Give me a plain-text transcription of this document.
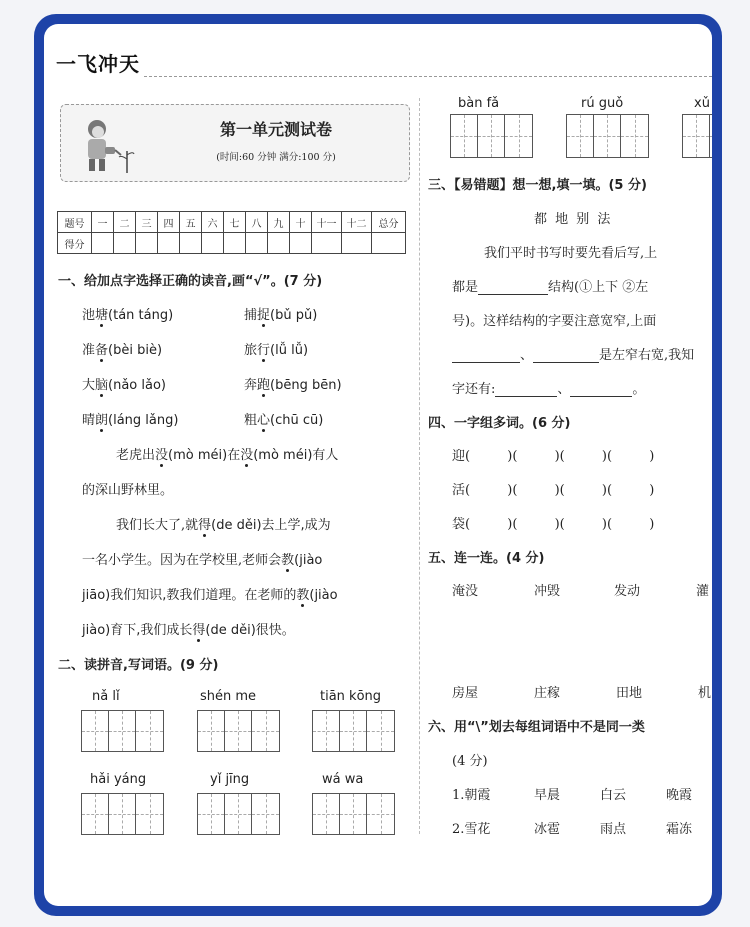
一飞冲天
第一单元测试卷
(时间:60 分钟 满分:100 分)
题号	一	二	三	四	五	六	七	八	九	十	十一	十二	总分
得分													
一、给加点字选择正确的读音,画“√”。(7 分)
池塘(tán táng)	捕捉(bǔ pǔ)
准备(bèi biè)	旅行(lǚ lǚ)
大脑(nǎo lǎo)	奔跑(bēng bēn)
晴朗(láng lǎng)	粗心(chū cū)
老虎出没(mò méi)在没(mò méi)有人
的深山野林里。
我们长大了,就得(de děi)去上学,成为
一名小学生。因为在学校里,老师会教(jiào
jiāo)我们知识,教我们道理。在老师的教(jiào
jiào)育下,我们成长得(de děi)很快。
二、读拼音,写词语。(9 分)
nǎ lǐ	shén me	tiān kōng
hǎi yáng	yǐ jīng	wá wa
bàn fǎ	rú guǒ	xǔ
三、【易错题】想一想,填一填。(5 分)
都 地 别 法
我们平时书写时要先看后写,上
都是	结构(①上下 ②左
号)。这样结构的字要注意宽窄,上面
、	是左窄右宽,我知
字还有:	、	。
四、一字组多词。(6 分)
迎(         )(         )(         )(         )
活(         )(         )(         )(         )
袋(         )(         )(         )(         )
五、连一连。(4 分)
淹没	冲毁	发动	灌
房屋	庄稼	田地	机
六、用“\”划去每组词语中不是同一类
(4 分)
1.朝霞	早晨	白云	晚霞
2.雪花	冰雹	雨点	霜冻
